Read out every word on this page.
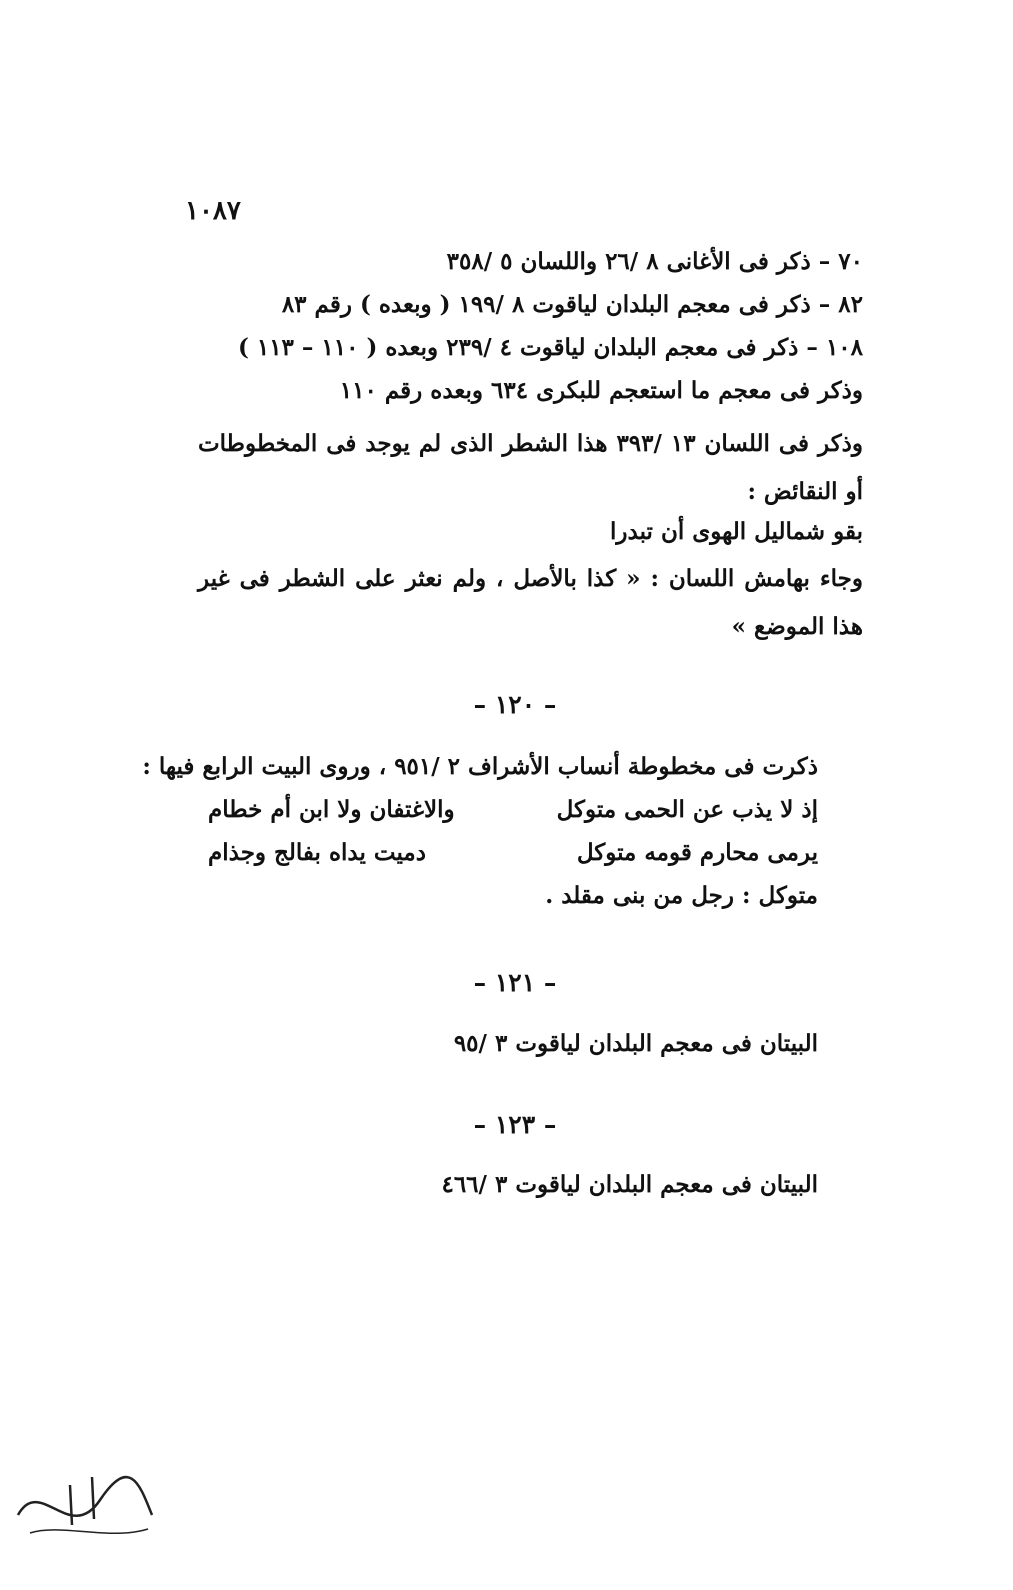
١٠٨٧
٧٠ – ذكر فى الأغانى ٨ /٢٦ واللسان ٥ /٣٥٨
٨٢ – ذكر فى معجم البلدان لياقوت ٨ /١٩٩ ( وبعده ) رقم ٨٣
١٠٨ – ذكر فى معجم البلدان لياقوت ٤ /٢٣٩ وبعده ( ١١٠ – ١١٣ )
وذكر فى معجم ما استعجم للبكرى ٦٣٤ وبعده رقم ١١٠
وذكر فى اللسان ١٣ /٣٩٣ هذا الشطر الذى لم يوجد فى المخطوطات أو النقائض :
بقو شماليل الهوى أن تبدرا
وجاء بهامش اللسان : « كذا بالأصل ، ولم نعثر على الشطر فى غير هذا الموضع »
– ١٢٠ –
ذكرت فى مخطوطة أنساب الأشراف ٢ /٩٥١ ، وروى البيت الرابع فيها :
إذ لا يذب عن الحمى متوكل
والاغتفان ولا ابن أم خطام
يرمى محارم قومه متوكل
دميت يداه بفالج وجذام
متوكل : رجل من بنى مقلد .
– ١٢١ –
البيتان فى معجم البلدان لياقوت ٣ /٩٥
– ١٢٣ –
البيتان فى معجم البلدان لياقوت ٣ /٤٦٦
